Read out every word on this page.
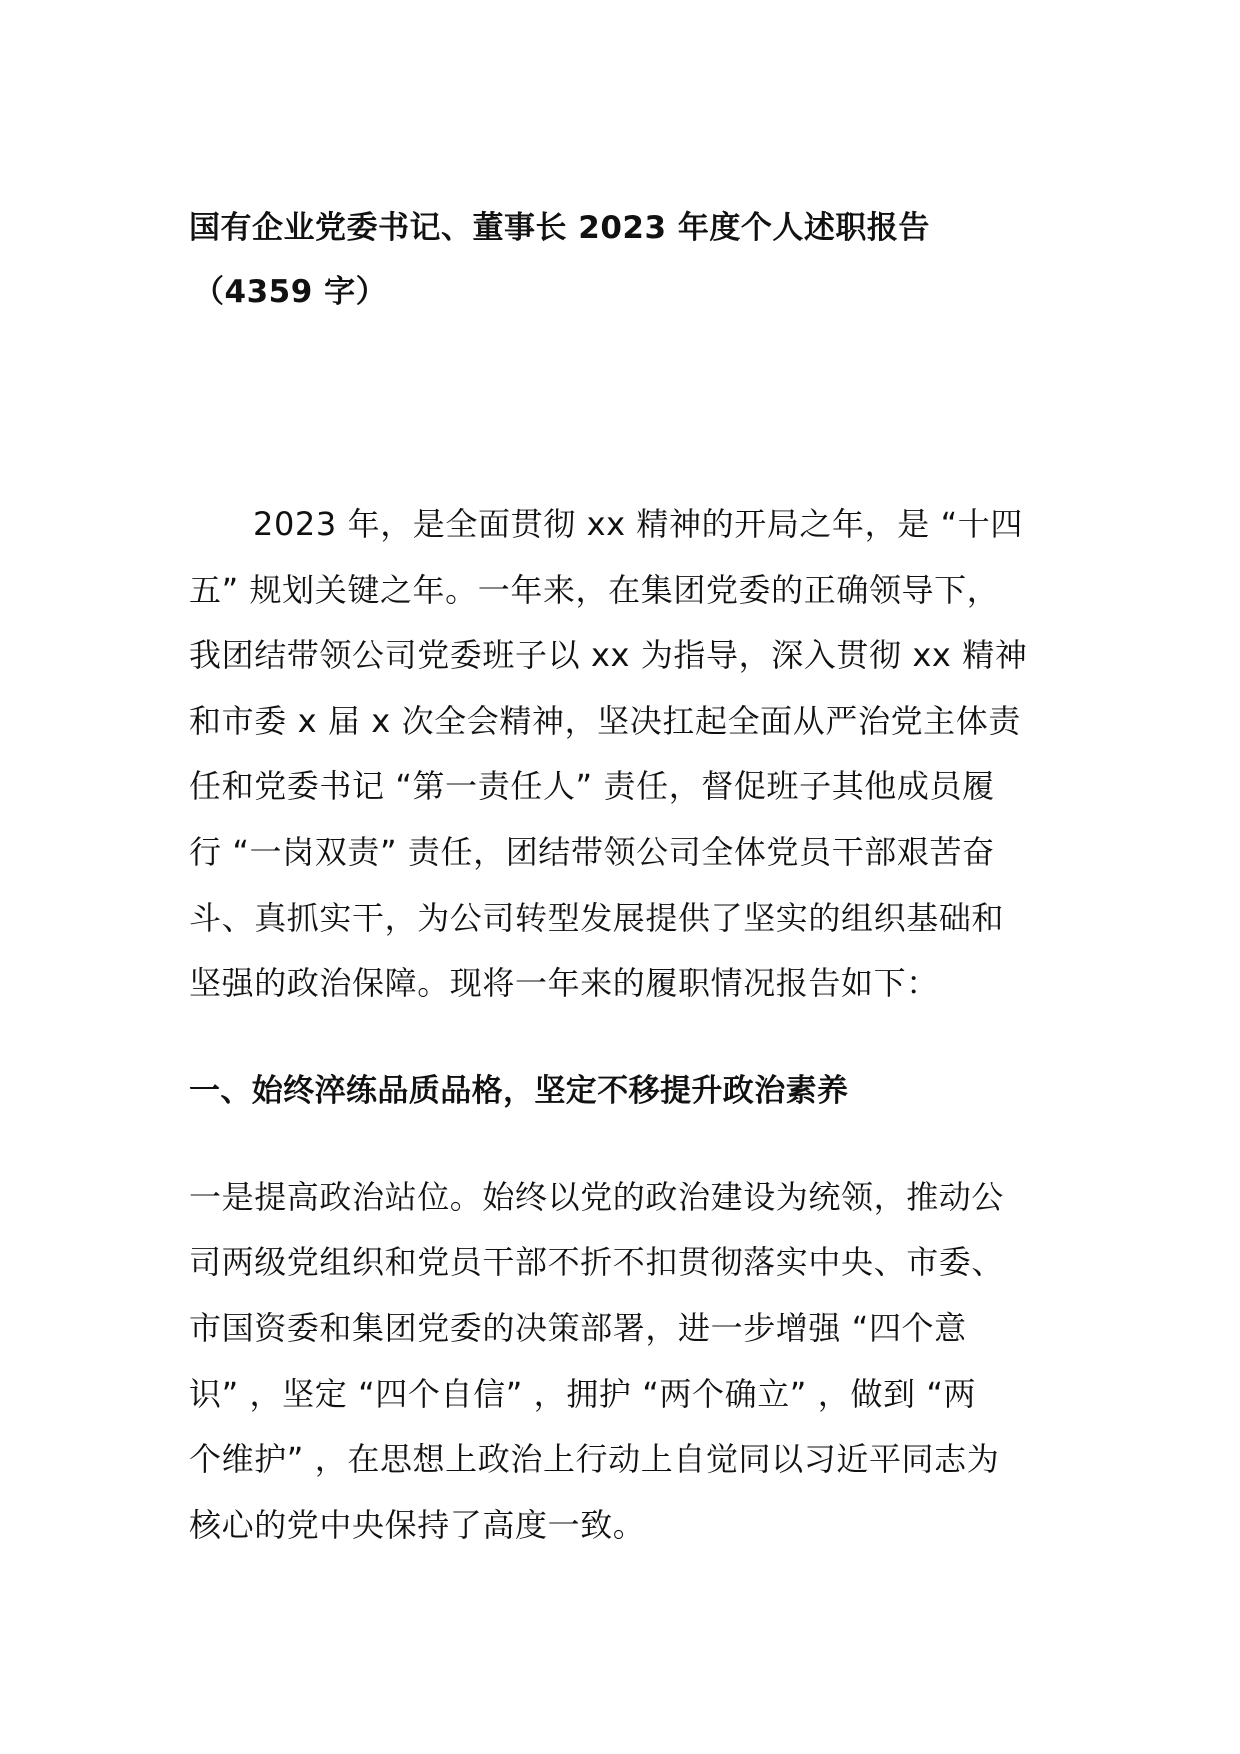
国有企业党委书记、董事长 2023 年度个人述职报告
（4359 字）

2023 年，是全面贯彻 xx 精神的开局之年，是 “十四
五” 规划关键之年。一年来，在集团党委的正确领导下，
我团结带领公司党委班子以 xx 为指导，深入贯彻 xx 精神
和市委 x 届 x 次全会精神，坚决扛起全面从严治党主体责
任和党委书记 “第一责任人” 责任，督促班子其他成员履
行 “一岗双责” 责任，团结带领公司全体党员干部艰苦奋
斗、真抓实干，为公司转型发展提供了坚实的组织基础和
坚强的政治保障。现将一年来的履职情况报告如下：

一、始终淬练品质品格，坚定不移提升政治素养

一是提高政治站位。始终以党的政治建设为统领，推动公
司两级党组织和党员干部不折不扣贯彻落实中央、市委、
市国资委和集团党委的决策部署，进一步增强 “四个意
识” ，坚定 “四个自信” ，拥护 “两个确立” ，做到 “两
个维护” ，在思想上政治上行动上自觉同以习近平同志为
核心的党中央保持了高度一致。
